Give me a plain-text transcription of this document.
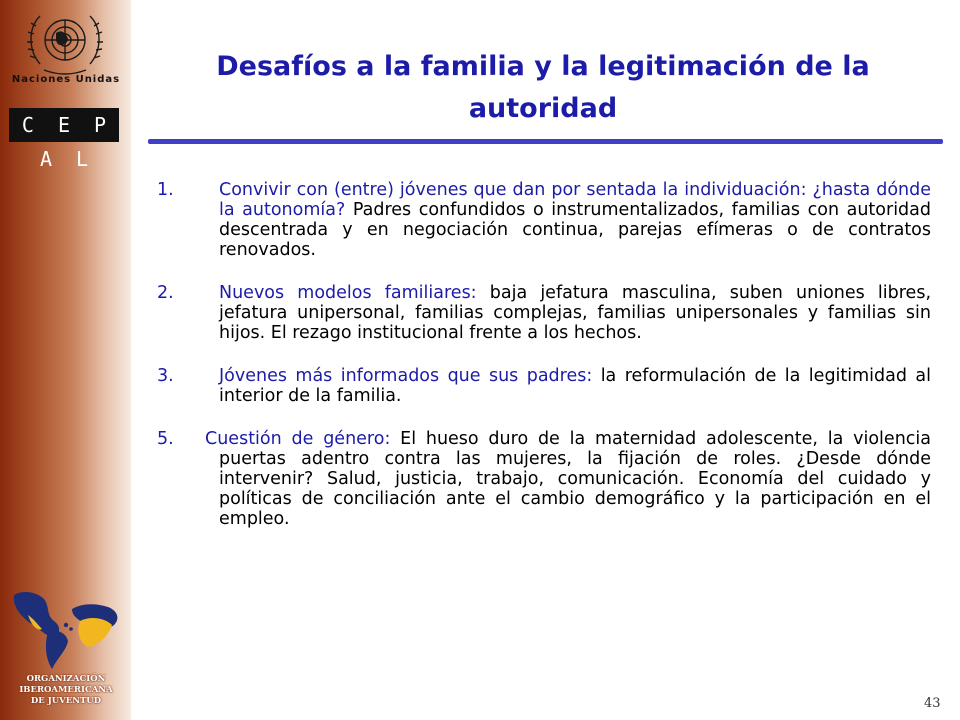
Naciones Unidas
C E P A L
ORGANIZACIÓN
IBEROAMERICANA
DE JUVENTUD
Desafíos a la familia y la legitimación de la autoridad
1.	Convivir con (entre) jóvenes que dan por sentada la individuación: ¿hasta dónde la autonomía? Padres confundidos o instrumentalizados, familias con autoridad descentrada y en negociación continua, parejas efímeras o de contratos renovados.
2.	Nuevos modelos familiares: baja jefatura masculina, suben uniones libres, jefatura unipersonal, familias complejas, familias unipersonales y familias sin hijos. El rezago institucional frente a los hechos.
3.	Jóvenes más informados que sus padres: la reformulación de la legitimidad al interior de la familia.
5. Cuestión de género: El hueso duro de la maternidad adolescente, la violencia puertas adentro contra las mujeres, la fijación de roles. ¿Desde dónde intervenir? Salud, justicia, trabajo, comunicación. Economía del cuidado y políticas de conciliación ante el cambio demográfico y la participación en el empleo.
43
